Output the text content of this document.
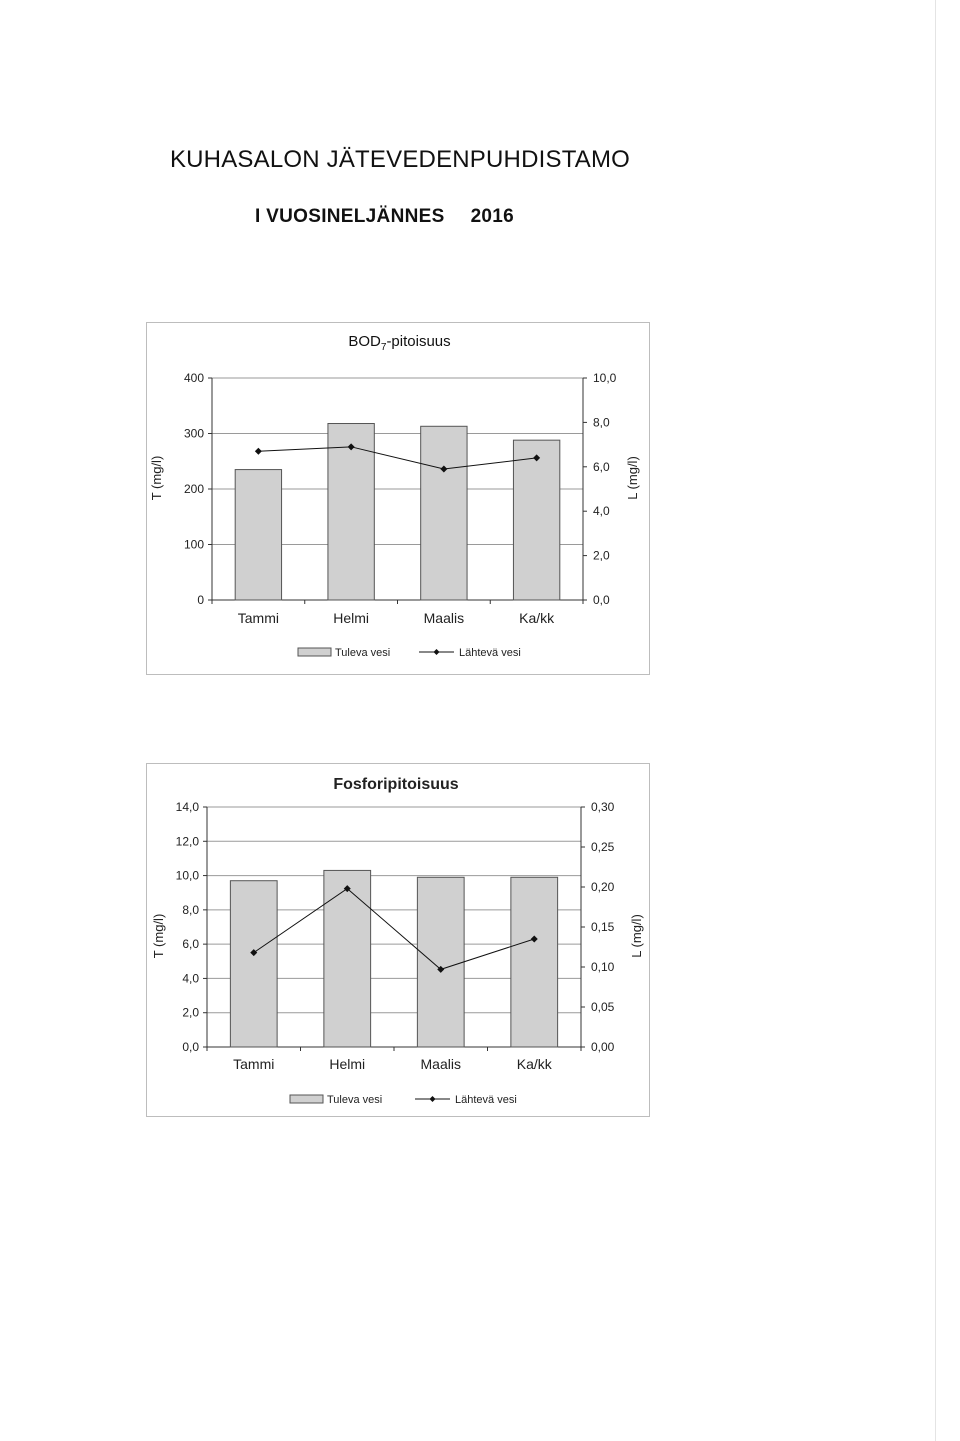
KUHASALON JÄTEVEDENPUHDISTAMO
I VUOSINELJÄNNES 2016
$BOD_7$-pitoisuus
0
100
200
300
400
0,0
2,0
4,0
6,0
8,0
10,0
Tammi	Helmi	Maalis	Ka/kk
T (mg/l)	L (mg/l)
Tuleva vesi	Lähtevä vesi
Fosforipitoisuus
0,0
2,0
4,0
6,0
8,0
10,0
12,0
14,0
0,00
0,05
0,10
0,15
0,20
0,25
0,30
Tammi	Helmi	Maalis	Ka/kk
T (mg/l)	L (mg/l)
Tuleva vesi	Lähtevä vesi
